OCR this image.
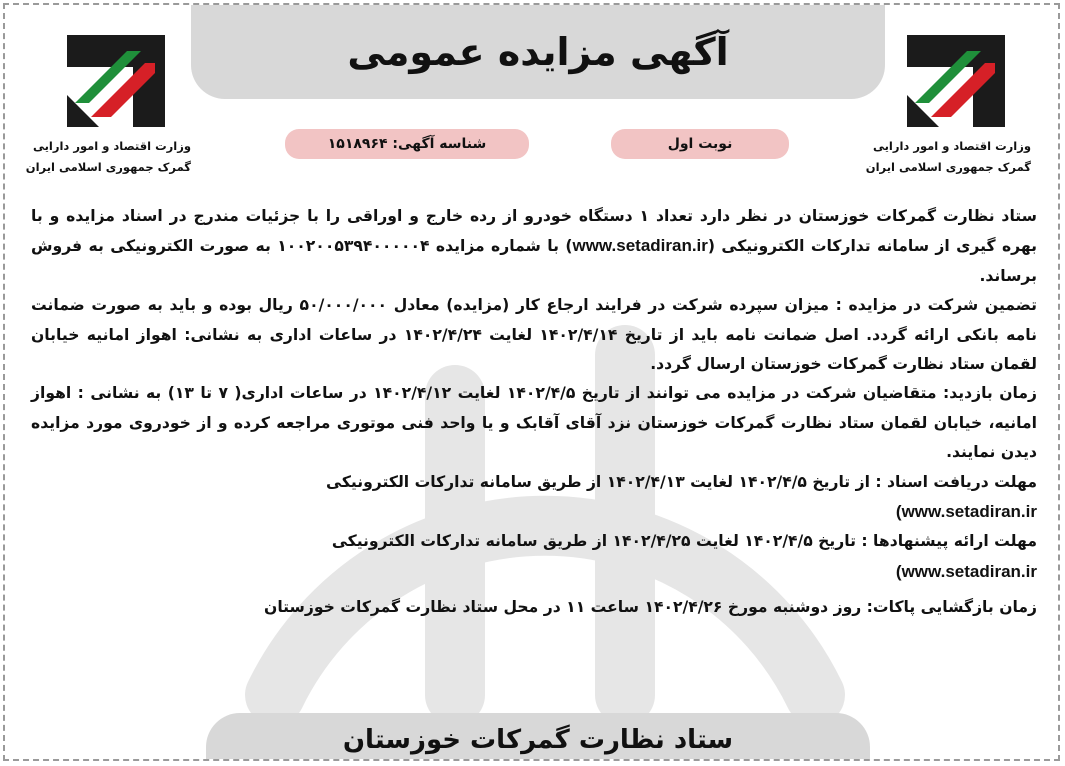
آگهی مزایده عمومی
وزارت اقتصاد و امور دارایی
گمرک جمهوری اسلامی ایران
وزارت اقتصاد و امور دارایی
گمرک جمهوری اسلامی ایران
شناسه آگهی: ۱۵۱۸۹۶۴	نوبت اول

ستاد نظارت گمرکات خوزستان در نظر دارد تعداد ۱ دستگاه خودرو از رده خارج و اوراقی را با جزئیات مندرج در اسناد مزایده و با بهره گیری از سامانه تدارکات الکترونیکی (www.setadiran.ir) با شماره مزایده ۱۰۰۲۰۰۵۳۹۴۰۰۰۰۰۴ به صورت الکترونیکی به فروش برساند.

تضمین شرکت در مزایده : میزان سپرده شرکت در فرایند ارجاع کار (مزایده) معادل ۵۰/۰۰۰/۰۰۰ ریال بوده و باید به صورت ضمانت نامه بانکی ارائه گردد. اصل ضمانت نامه باید از تاریخ ۱۴۰۲/۴/۱۴ لغایت ۱۴۰۲/۴/۲۴ در ساعات اداری به نشانی: اهواز امانیه خیابان لقمان ستاد نظارت گمرکات خوزستان ارسال گردد.

زمان بازدید: متقاضیان شرکت در مزایده می توانند از تاریخ ۱۴۰۲/۴/۵ لغایت ۱۴۰۲/۴/۱۲ در ساعات اداری( ۷ تا ۱۳) به نشانی : اهواز امانیه، خیابان لقمان ستاد نظارت گمرکات خوزستان نزد آقای آقابک و یا واحد فنی موتوری مراجعه کرده و از خودروی مورد مزایده دیدن نمایند.

مهلت دریافت اسناد : از تاریخ ۱۴۰۲/۴/۵ لغایت ۱۴۰۲/۴/۱۳ از طریق سامانه تدارکات الکترونیکی

(www.setadiran.ir

مهلت ارائه پیشنهادها : تاریخ ۱۴۰۲/۴/۵ لغایت ۱۴۰۲/۴/۲۵ از طریق سامانه تدارکات الکترونیکی

(www.setadiran.ir

زمان بازگشایی پاکات: روز دوشنبه مورخ ۱۴۰۲/۴/۲۶ ساعت ۱۱ در محل ستاد نظارت گمرکات خوزستان

ستاد نظارت گمرکات خوزستان
